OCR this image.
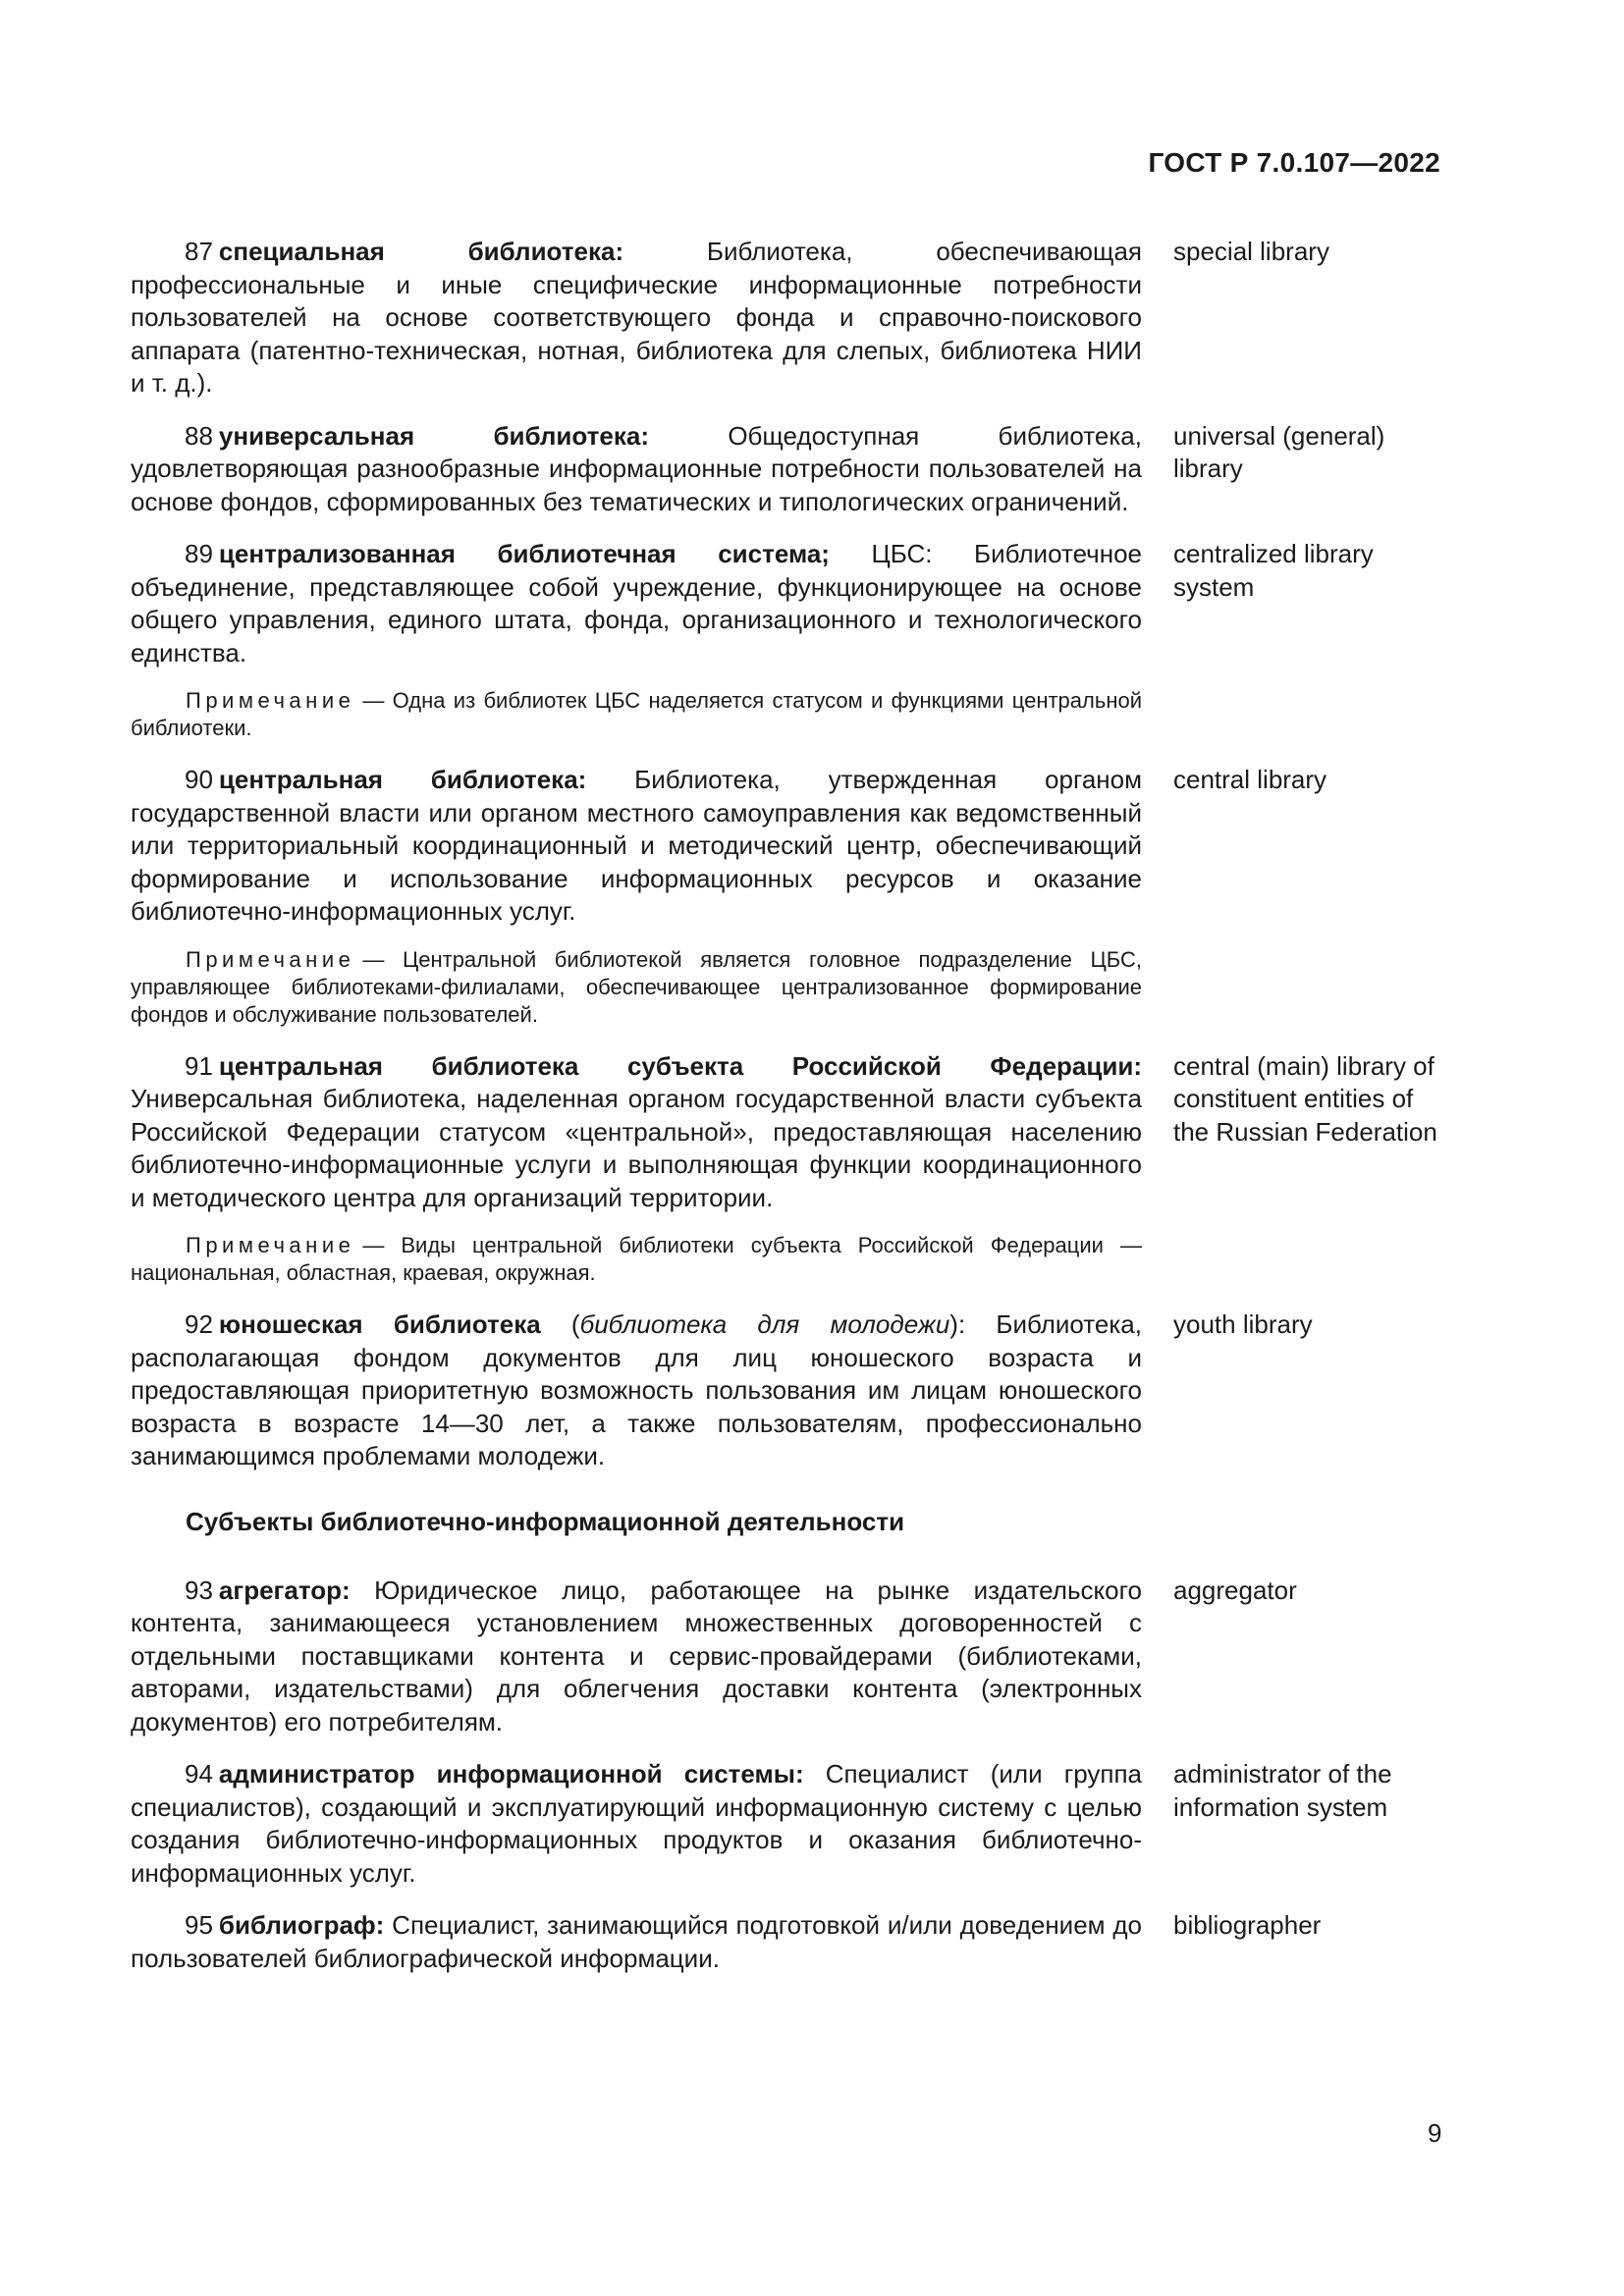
ГОСТ Р 7.0.107—2022
87 специальная библиотека: Библиотека, обеспечивающая профессиональные и иные специфические информационные потребности пользователей на основе соответствующего фонда и справочно-поискового аппарата (патентно-техническая, нотная, библиотека для слепых, библиотека НИИ и т. д.).
special library
88 универсальная библиотека: Общедоступная библиотека, удовлетворяющая разнообразные информационные потребности пользователей на основе фондов, сформированных без тематических и типологических ограничений.
universal (general) library
89 централизованная библиотечная система; ЦБС: Библиотечное объединение, представляющее собой учреждение, функционирующее на основе общего управления, единого штата, фонда, организационного и технологического единства.
centralized library system
Примечание — Одна из библиотек ЦБС наделяется статусом и функциями центральной библиотеки.
90 центральная библиотека: Библиотека, утвержденная органом государственной власти или органом местного самоуправления как ведомственный или территориальный координационный и методический центр, обеспечивающий формирование и использование информационных ресурсов и оказание библиотечно-информационных услуг.
central library
Примечание — Центральной библиотекой является головное подразделение ЦБС, управляющее библиотеками-филиалами, обеспечивающее централизованное формирование фондов и обслуживание пользователей.
91 центральная библиотека субъекта Российской Федерации: Универсальная библиотека, наделенная органом государственной власти субъекта Российской Федерации статусом «центральной», предоставляющая населению библиотечно-информационные услуги и выполняющая функции координационного и методического центра для организаций территории.
central (main) library of constituent entities of the Russian Federation
Примечание — Виды центральной библиотеки субъекта Российской Федерации — национальная, областная, краевая, окружная.
92 юношеская библиотека (библиотека для молодежи): Библиотека, располагающая фондом документов для лиц юношеского возраста и предоставляющая приоритетную возможность пользования им лицам юношеского возраста в возрасте 14—30 лет, а также пользователям, профессионально занимающимся проблемами молодежи.
youth library
Субъекты библиотечно-информационной деятельности
93 агрегатор: Юридическое лицо, работающее на рынке издательского контента, занимающееся установлением множественных договоренностей с отдельными поставщиками контента и сервис-провайдерами (библиотеками, авторами, издательствами) для облегчения доставки контента (электронных документов) его потребителям.
aggregator
94 администратор информационной системы: Специалист (или группа специалистов), создающий и эксплуатирующий информационную систему с целью создания библиотечно-информационных продуктов и оказания библиотечно-информационных услуг.
administrator of the information system
95 библиограф: Специалист, занимающийся подготовкой и/или доведением до пользователей библиографической информации.
bibliographer
9
